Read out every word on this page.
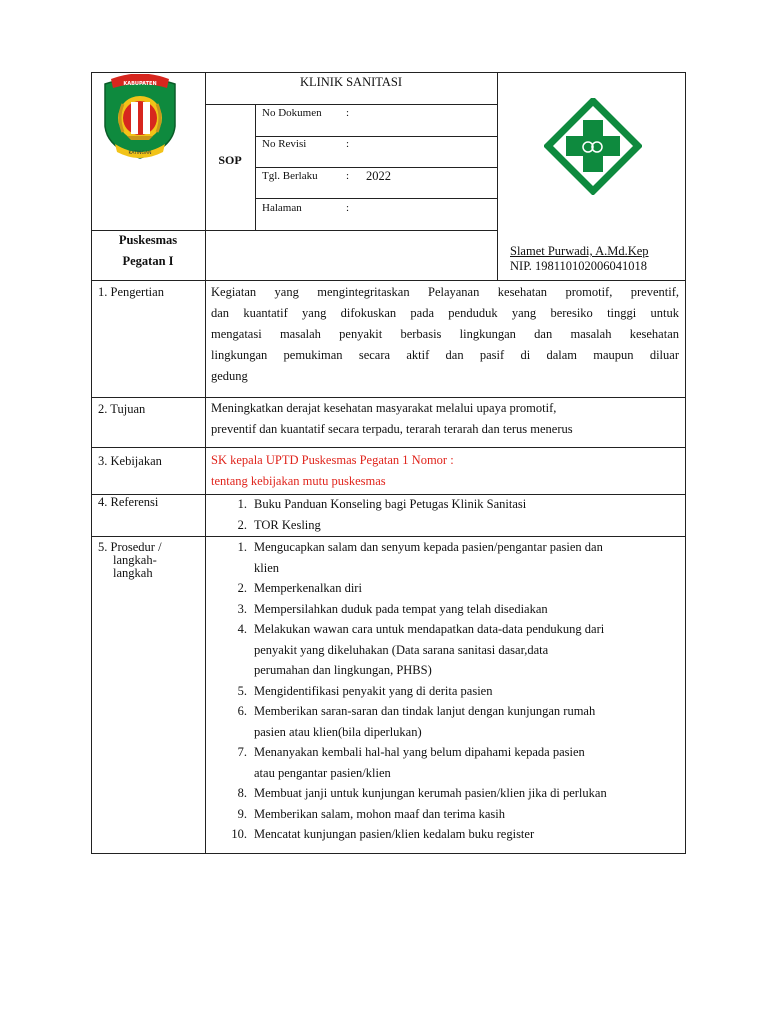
KABUPATEN
KATINGAN
KLINIK SANITASI
SOP
No Dokumen :
No Revisi	:
Tgl. Berlaku	: 2022
Halaman	:
Puskesmas
Pegatan I
Slamet Purwadi, A.Md.Kep
NIP. 198110102006041018
1. Pengertian	Kegiatan yang mengintegritaskan Pelayanan kesehatan promotif, preventif,
dan kuantatif yang difokuskan pada penduduk yang beresiko tinggi untuk
mengatasi masalah penyakit berbasis lingkungan dan masalah kesehatan
lingkungan pemukiman secara aktif dan pasif di dalam maupun diluar
gedung
2. Tujuan	Meningkatkan derajat kesehatan masyarakat melalui upaya promotif,
preventif dan kuantatif secara terpadu, terarah terarah dan terus menerus
3. Kebijakan	SK kepala UPTD Puskesmas Pegatan 1 Nomor :
tentang kebijakan mutu puskesmas
4. Referensi	1. Buku Panduan Konseling bagi Petugas Klinik Sanitasi
2. TOR Kesling
5. Prosedur /
langkah-
langkah
1. Mengucapkan salam dan senyum kepada pasien/pengantar pasien dan
klien
2. Memperkenalkan diri
3. Mempersilahkan duduk pada tempat yang telah disediakan
4. Melakukan wawan cara untuk mendapatkan data-data pendukung dari
penyakit yang dikeluhakan (Data sarana sanitasi dasar,data
perumahan dan lingkungan, PHBS)
5. Mengidentifikasi penyakit yang di derita pasien
6. Memberikan saran-saran dan tindak lanjut dengan kunjungan rumah
pasien atau klien(bila diperlukan)
7. Menanyakan kembali hal-hal yang belum dipahami kepada pasien
atau pengantar pasien/klien
8. Membuat janji untuk kunjungan kerumah pasien/klien jika di perlukan
9. Memberikan salam, mohon maaf dan terima kasih
10. Mencatat kunjungan pasien/klien kedalam buku register
